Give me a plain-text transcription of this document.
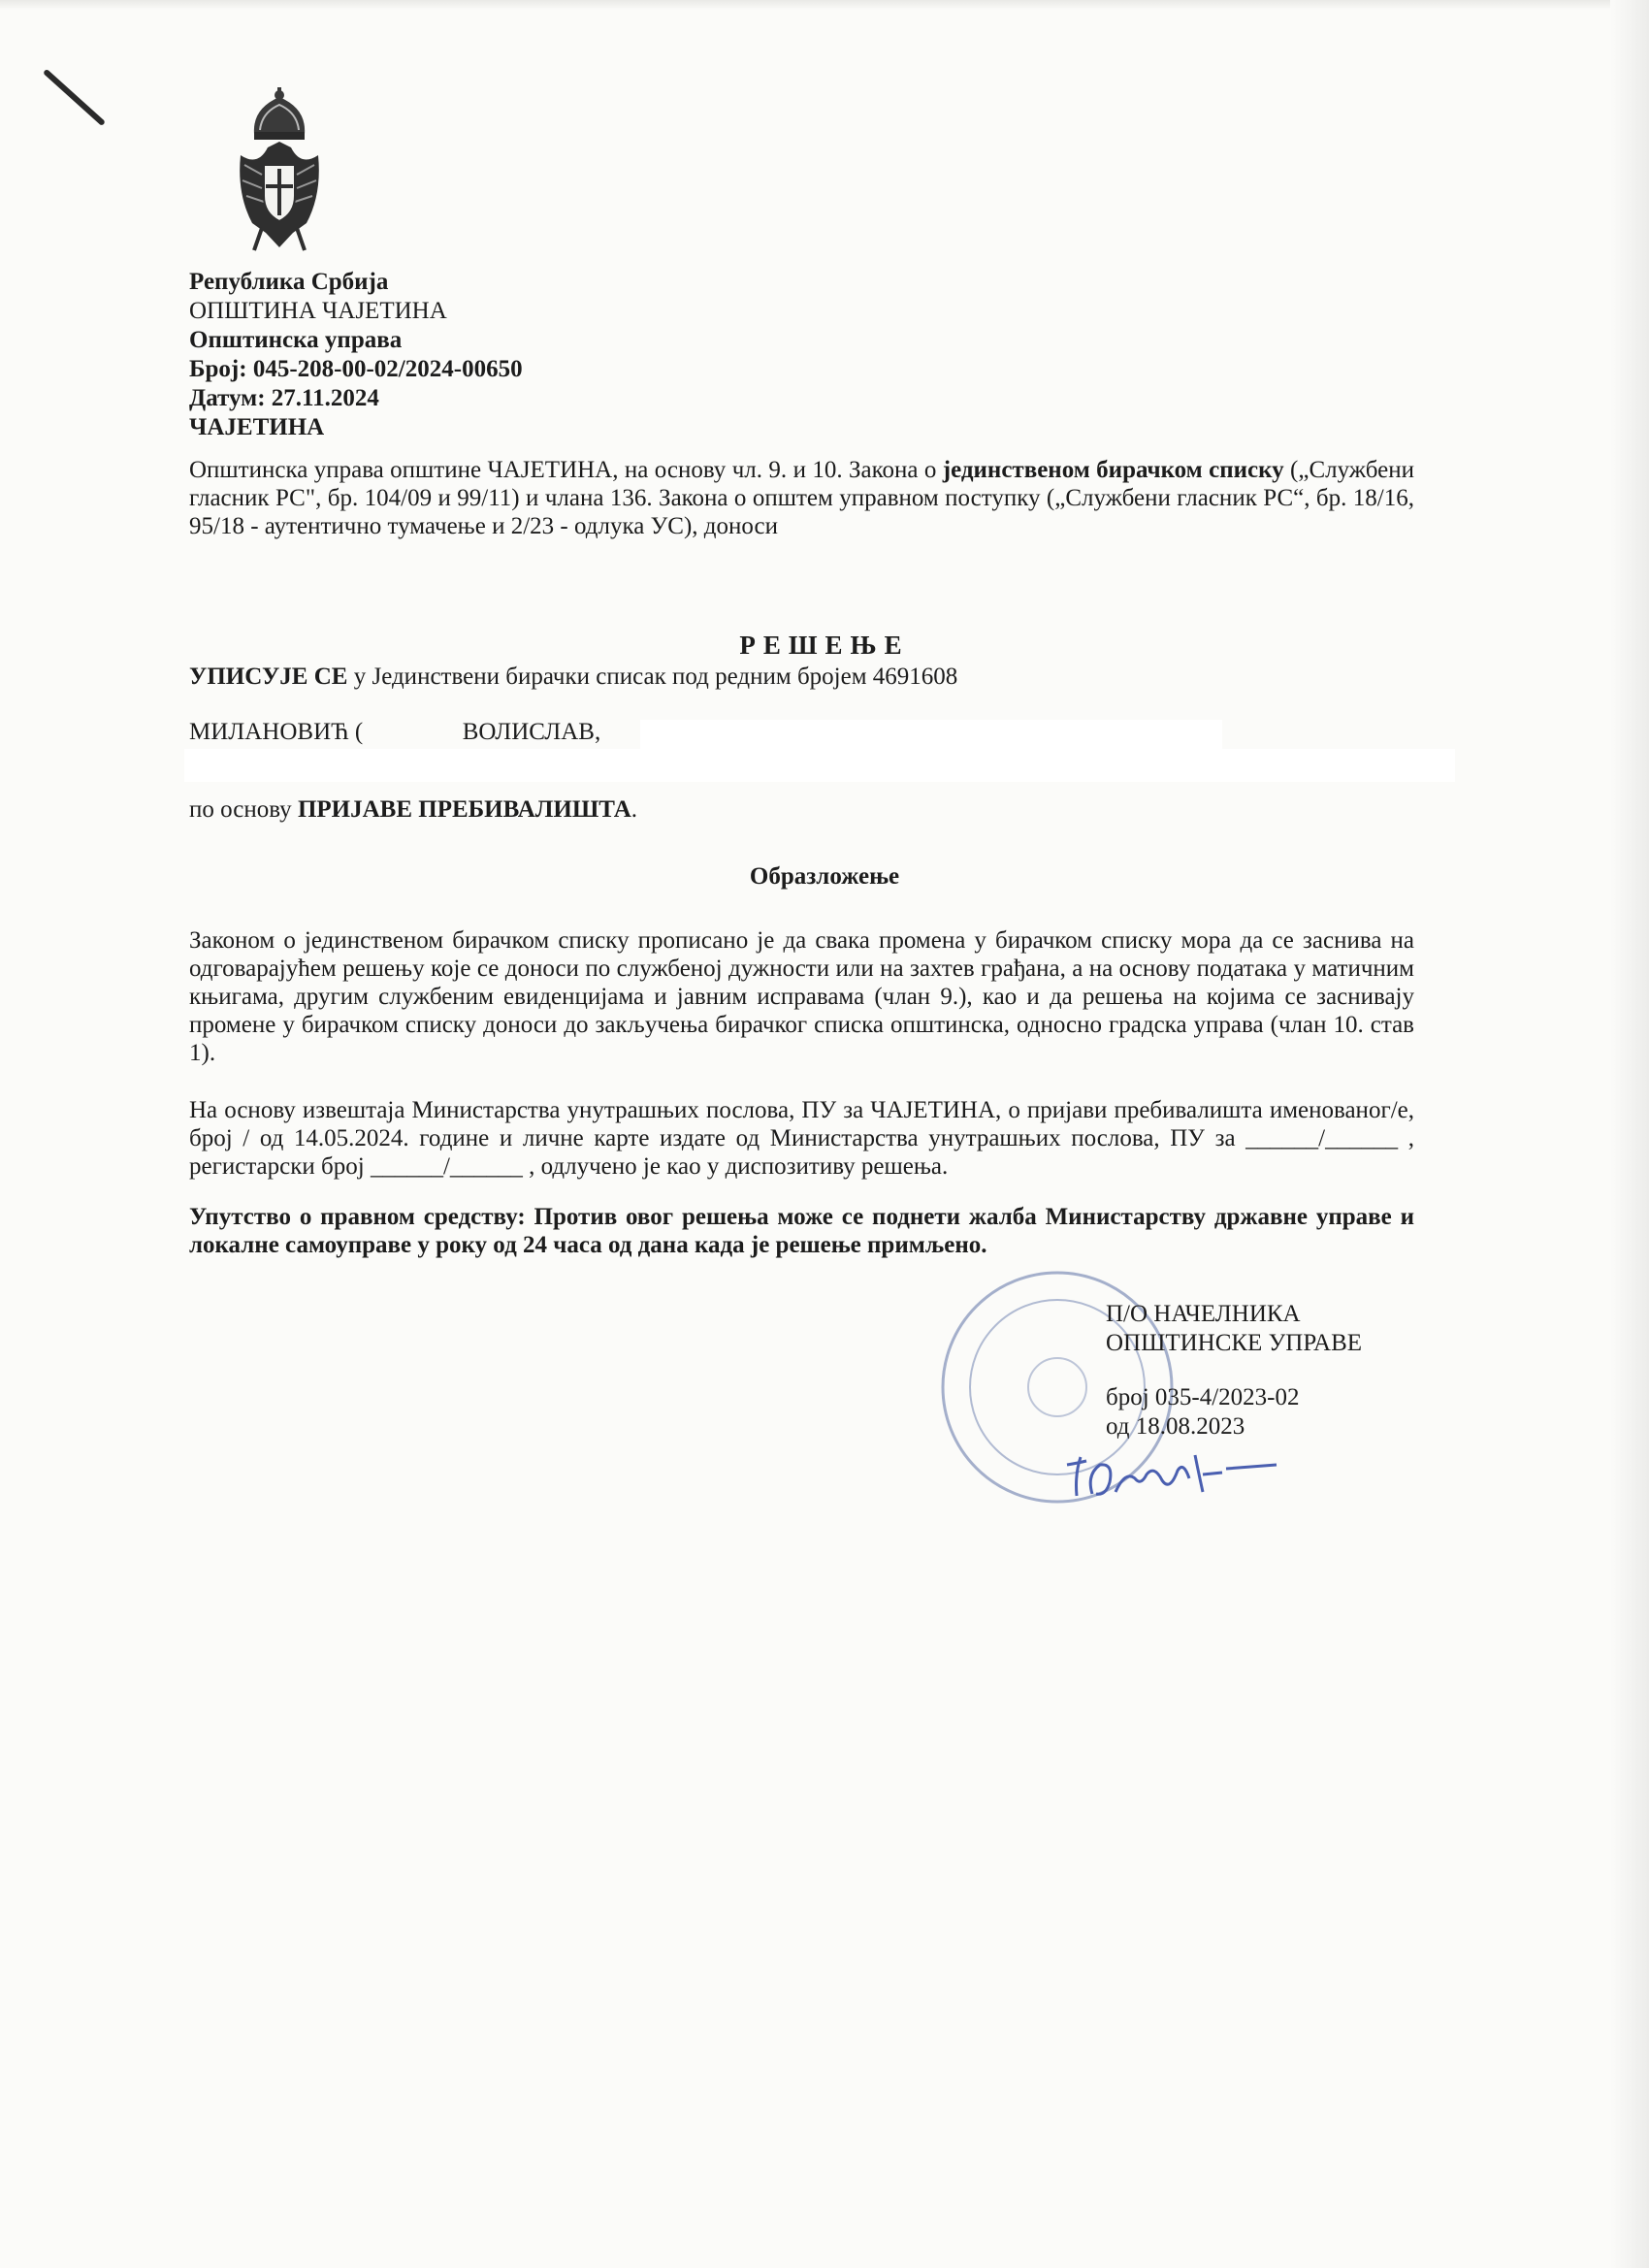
Република Србија
ОПШТИНА ЧАЈЕТИНА
Општинска управа
Број: 045-208-00-02/2024-00650
Датум: 27.11.2024
ЧАЈЕТИНА

Општинска управа општине ЧАЈЕТИНА, на основу чл. 9. и 10. Закона о јединственом бирачком списку („Службени гласник РС", бр. 104/09 и 99/11) и члана 136. Закона о општем управном поступку („Службени гласник РС“, бр. 18/16, 95/18 - аутентично тумачење и 2/23 - одлука УС), доноси

РЕШЕЊЕ
УПИСУЈЕ СЕ у Јединствени бирачки списак под редним бројем 4691608
МИЛАНОВИЋ (	ВОЛИСЛАВ,
по основу ПРИЈАВЕ ПРЕБИВАЛИШТА.
Образложење

Законом о јединственом бирачком списку прописано је да свака промена у бирачком списку мора да се заснива на одговарајућем решењу које се доноси по службеној дужности или на захтев грађана, а на основу података у матичним књигама, другим службеним евиденцијама и јавним исправама (члан 9.), као и да решења на којима се заснивају промене у бирачком списку доноси до закључења бирачког списка општинска, односно градска управа (члан 10. став 1).

На основу извештаја Министарства унутрашњих послова, ПУ за ЧАЈЕТИНА, о пријави пребивалишта именованог/е, број / од 14.05.2024. године и личне карте издате од Министарства унутрашњих послова, ПУ за ______/______ , регистарски број ______/______ , одлучено је као у диспозитиву решења.

Упутство о правном средству: Против овог решења може се поднети жалба Министарству државне управе и локалне самоуправе у року од 24 часа од дана када је решење примљено.

П/О НАЧЕЛНИКА
ОПШТИНСКЕ УПРАВЕ
број 035-4/2023-02
од 18.08.2023
